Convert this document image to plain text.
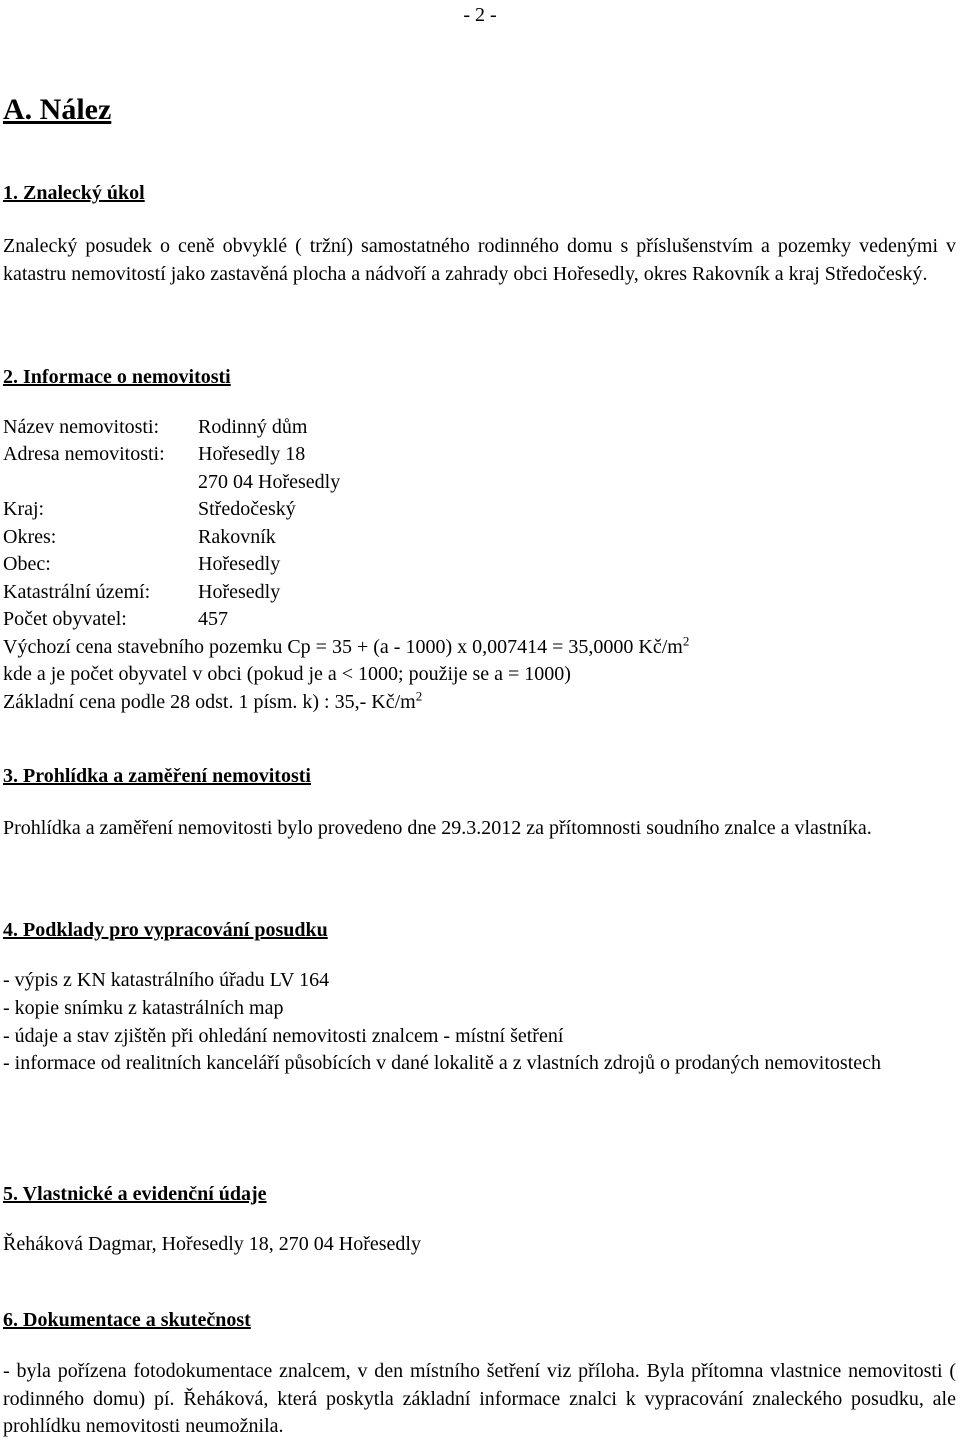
- 2 -
A. Nález
1. Znalecký úkol
Znalecký posudek o ceně obvyklé ( tržní) samostatného rodinného domu s příslušenstvím a pozemky vedenými v katastru nemovitostí jako zastavěná plocha a nádvoří a zahrady obci Hořesedly, okres Rakovník a kraj Středočeský.
2. Informace o nemovitosti
Název nemovitosti: Rodinný dům
Adresa nemovitosti: Hořesedly 18
270 04 Hořesedly
Kraj:	Středočeský
Okres:	Rakovník
Obec:	Hořesedly
Katastrální území: Hořesedly
Počet obyvatel:	457
Výchozí cena stavebního pozemku Cp = 35 + (a - 1000) x 0,007414 = 35,0000 $Kč/m^2$
kde a je počet obyvatel v obci (pokud je a < 1000; použije se a = 1000)
Základní cena podle 28 odst. 1 písm. k) : 35,- $Kč/m^2$
3. Prohlídka a zaměření nemovitosti
Prohlídka a zaměření nemovitosti bylo provedeno dne 29.3.2012 za přítomnosti soudního znalce a vlastníka.
4. Podklady pro vypracování posudku
- výpis z KN katastrálního úřadu LV 164
- kopie snímku z katastrálních map
- údaje a stav zjištěn při ohledání nemovitosti znalcem - místní šetření
- informace od realitních kanceláří působících v dané lokalitě a z vlastních zdrojů o prodaných nemovitostech
5. Vlastnické a evidenční údaje
Řeháková Dagmar, Hořesedly 18, 270 04 Hořesedly
6. Dokumentace a skutečnost
- byla pořízena fotodokumentace znalcem, v den místního šetření viz příloha. Byla přítomna vlastnice nemovitosti ( rodinného domu) pí. Řeháková, která poskytla základní informace znalci k vypracování znaleckého posudku, ale prohlídku nemovitosti neumožnila.
